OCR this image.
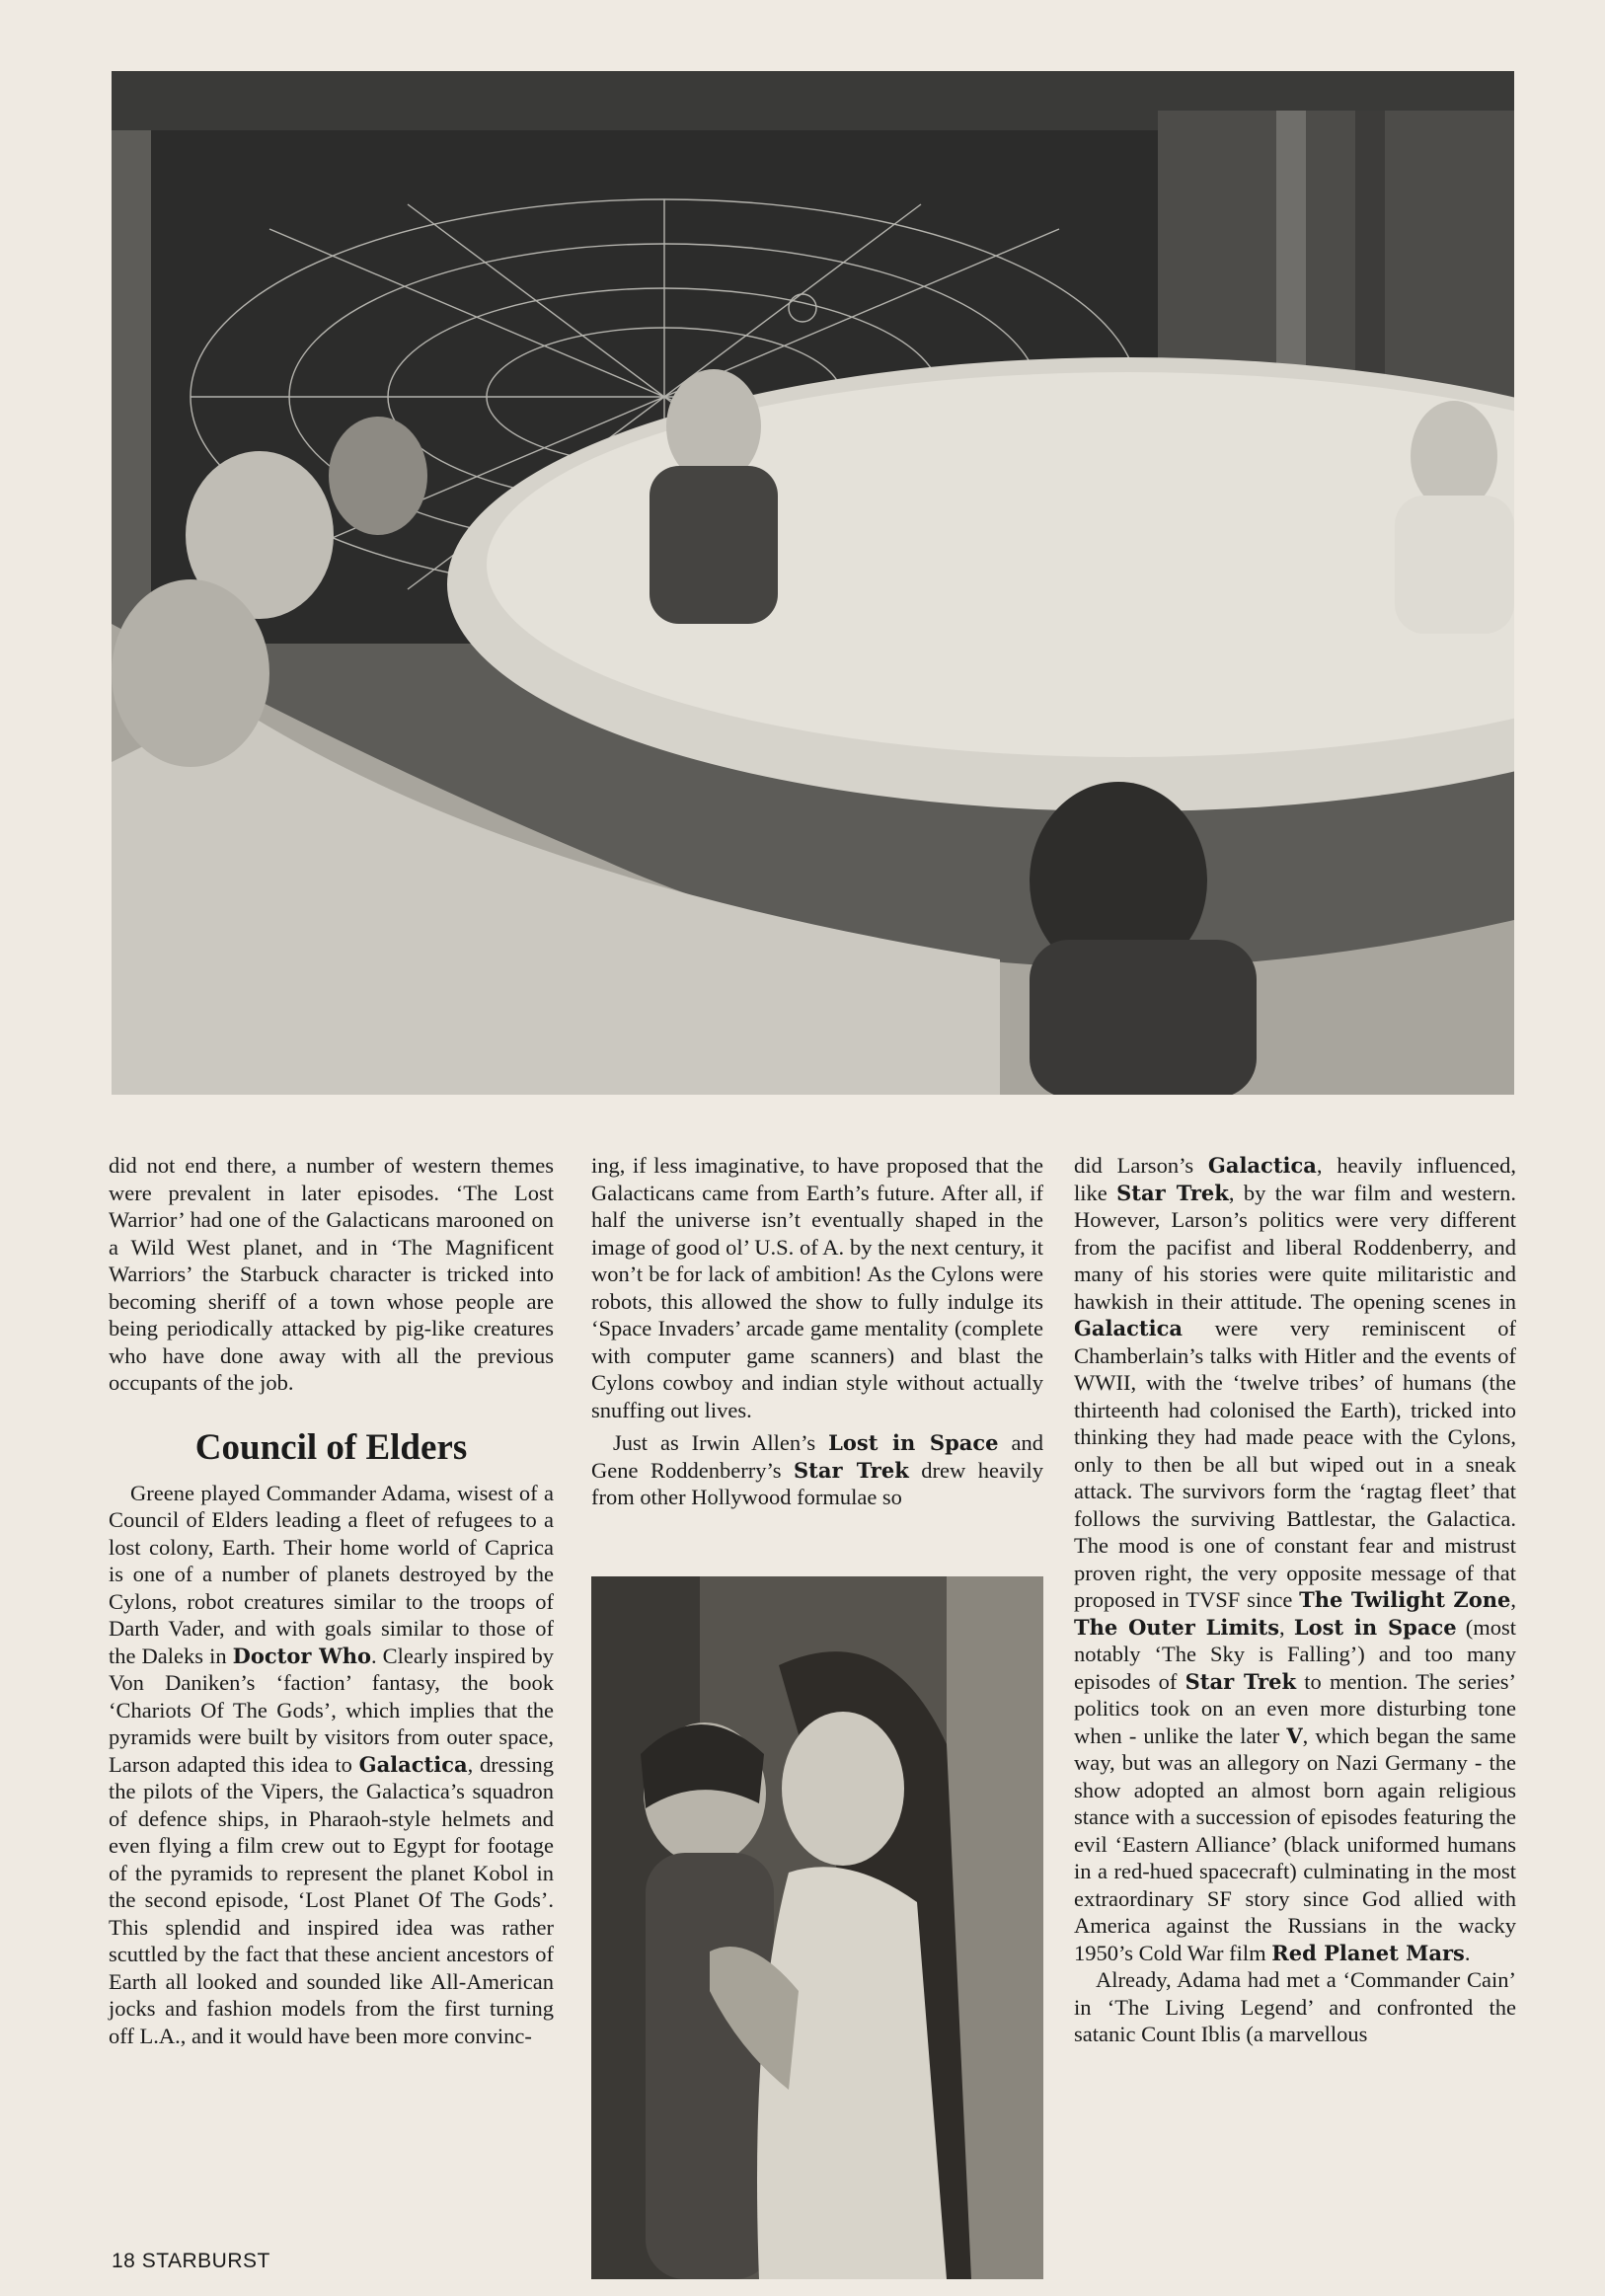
did not end there, a number of western themes were prevalent in later episodes. ‘The Lost Warrior’ had one of the Galacticans marooned on a Wild West planet, and in ‘The Magnificent Warriors’ the Starbuck character is tricked into becoming sheriff of a town whose people are being periodically attacked by pig-like creatures who have done away with all the previous occupants of the job.

Council of Elders

Greene played Commander Adama, wisest of a Council of Elders leading a fleet of refugees to a lost colony, Earth. Their home world of Caprica is one of a number of planets destroyed by the Cylons, robot creatures similar to the troops of Darth Vader, and with goals similar to those of the Daleks in Doctor Who. Clearly inspired by Von Daniken’s ‘faction’ fantasy, the book ‘Chariots Of The Gods’, which implies that the pyramids were built by visitors from outer space, Larson adapted this idea to Galactica, dressing the pilots of the Vipers, the Galactica’s squadron of defence ships, in Pharaoh-style helmets and even flying a film crew out to Egypt for footage of the pyramids to represent the planet Kobol in the second episode, ‘Lost Planet Of The Gods’. This splendid and inspired idea was rather scuttled by the fact that these ancient ancestors of Earth all looked and sounded like All-American jocks and fashion models from the first turning off L.A., and it would have been more convinc-

ing, if less imaginative, to have proposed that the Galacticans came from Earth’s future. After all, if half the universe isn’t eventually shaped in the image of good ol’ U.S. of A. by the next century, it won’t be for lack of ambition! As the Cylons were robots, this allowed the show to fully indulge its ‘Space Invaders’ arcade game mentality (complete with computer game scanners) and blast the Cylons cowboy and indian style without actually snuffing out lives.

Just as Irwin Allen’s Lost in Space and Gene Roddenberry’s Star Trek drew heavily from other Hollywood formulae so

did Larson’s Galactica, heavily influenced, like Star Trek, by the war film and western. However, Larson’s politics were very different from the pacifist and liberal Roddenberry, and many of his stories were quite militaristic and hawkish in their attitude. The opening scenes in Galactica were very reminiscent of Chamberlain’s talks with Hitler and the events of WWII, with the ‘twelve tribes’ of humans (the thirteenth had colonised the Earth), tricked into thinking they had made peace with the Cylons, only to then be all but wiped out in a sneak attack. The survivors form the ‘ragtag fleet’ that follows the surviving Battlestar, the Galactica. The mood is one of constant fear and mistrust proven right, the very opposite message of that proposed in TVSF since The Twilight Zone, The Outer Limits, Lost in Space (most notably ‘The Sky is Falling’) and too many episodes of Star Trek to mention. The series’ politics took on an even more disturbing tone when - unlike the later V, which began the same way, but was an allegory on Nazi Germany - the show adopted an almost born again religious stance with a succession of episodes featuring the evil ‘Eastern Alliance’ (black uniformed humans in a red-hued spacecraft) culminating in the most extraordinary SF story since God allied with America against the Russians in the wacky 1950’s Cold War film Red Planet Mars.

Already, Adama had met a ‘Commander Cain’ in ‘The Living Legend’ and confronted the satanic Count Iblis (a marvellous

18 STARBURST
